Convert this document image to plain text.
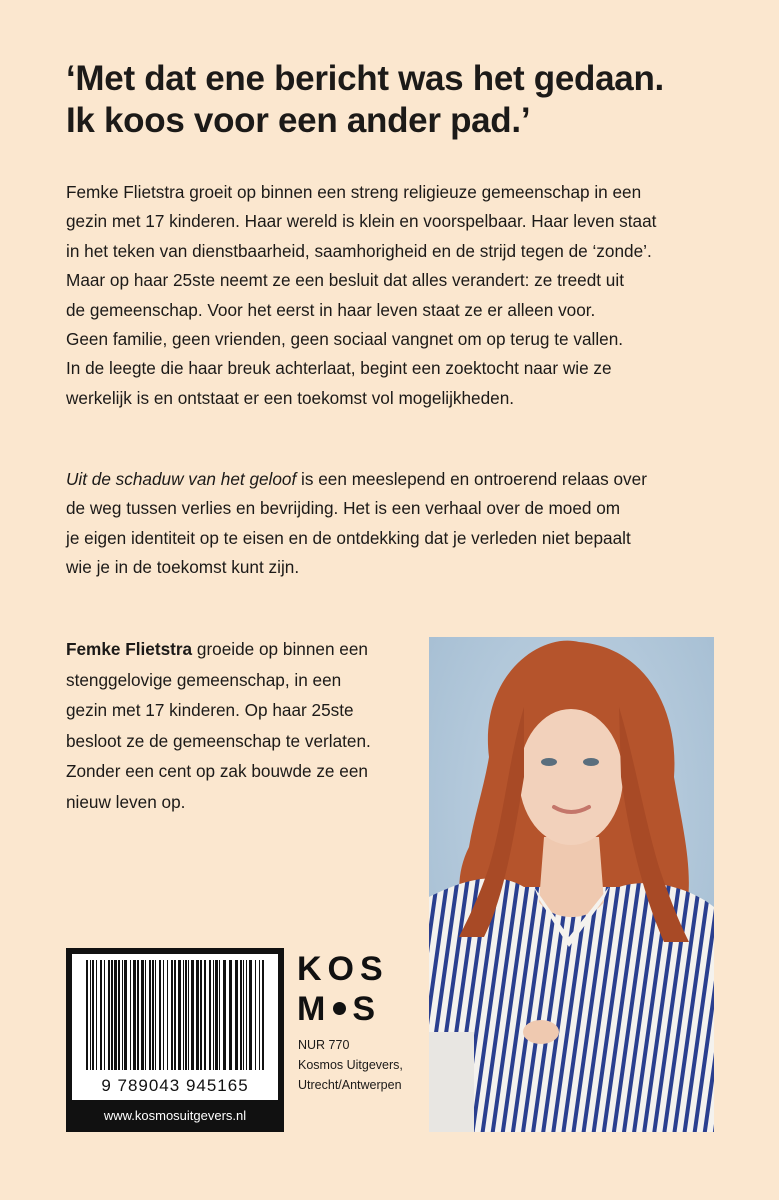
‘Met dat ene bericht was het gedaan.
Ik koos voor een ander pad.’

Femke Flietstra groeit op binnen een streng religieuze gemeenschap in een
gezin met 17 kinderen. Haar wereld is klein en voorspelbaar. Haar leven staat
in het teken van dienstbaarheid, saamhorigheid en de strijd tegen de ‘zonde’.
Maar op haar 25ste neemt ze een besluit dat alles verandert: ze treedt uit
de gemeenschap. Voor het eerst in haar leven staat ze er alleen voor.
Geen familie, geen vrienden, geen sociaal vangnet om op terug te vallen.
In de leegte die haar breuk achterlaat, begint een zoektocht naar wie ze
werkelijk is en ontstaat er een toekomst vol mogelijkheden.

Uit de schaduw van het geloof is een meeslepend en ontroerend relaas over
de weg tussen verlies en bevrijding. Het is een verhaal over de moed om
je eigen identiteit op te eisen en de ontdekking dat je verleden niet bepaalt
wie je in de toekomst kunt zijn.

Femke Flietstra groeide op binnen een
stenggelovige gemeenschap, in een
gezin met 17 kinderen. Op haar 25ste
besloot ze de gemeenschap te verlaten.
Zonder een cent op zak bouwde ze een
nieuw leven op.

9 789043 945165
www.kosmosuitgevers.nl
KOS
M S
NUR 770
Kosmos Uitgevers,
Utrecht/Antwerpen
